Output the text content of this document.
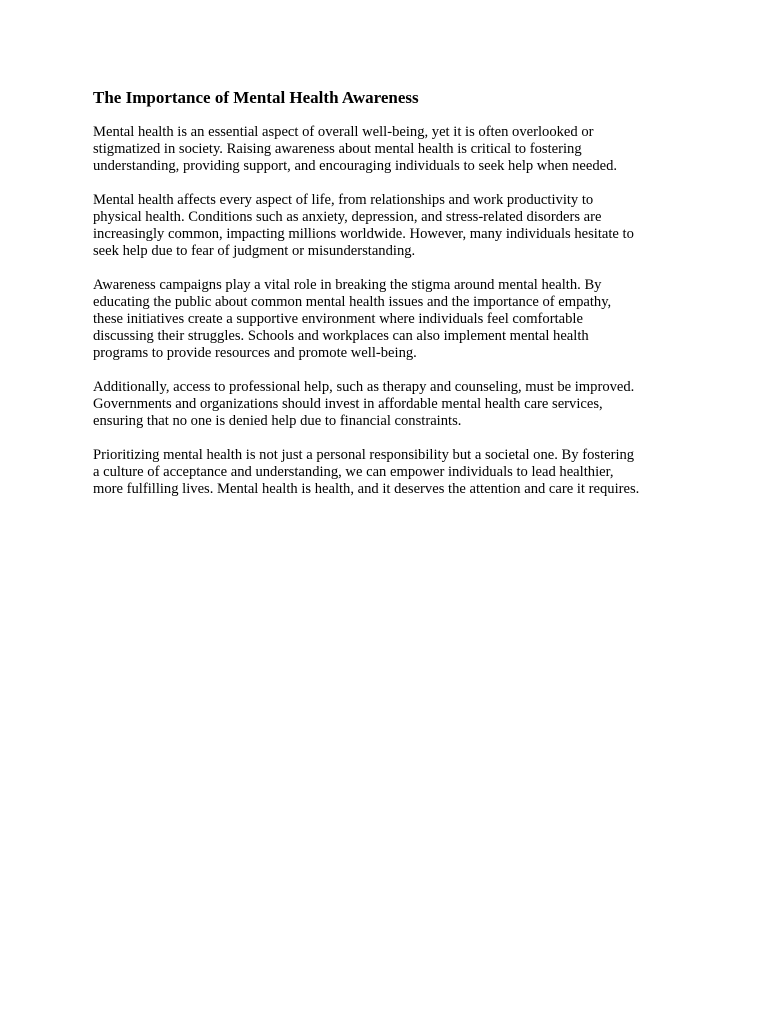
The Importance of Mental Health Awareness
Mental health is an essential aspect of overall well-being, yet it is often overlooked or
stigmatized in society. Raising awareness about mental health is critical to fostering
understanding, providing support, and encouraging individuals to seek help when needed.
Mental health affects every aspect of life, from relationships and work productivity to
physical health. Conditions such as anxiety, depression, and stress-related disorders are
increasingly common, impacting millions worldwide. However, many individuals hesitate to
seek help due to fear of judgment or misunderstanding.
Awareness campaigns play a vital role in breaking the stigma around mental health. By
educating the public about common mental health issues and the importance of empathy,
these initiatives create a supportive environment where individuals feel comfortable
discussing their struggles. Schools and workplaces can also implement mental health
programs to provide resources and promote well-being.
Additionally, access to professional help, such as therapy and counseling, must be improved.
Governments and organizations should invest in affordable mental health care services,
ensuring that no one is denied help due to financial constraints.
Prioritizing mental health is not just a personal responsibility but a societal one. By fostering
a culture of acceptance and understanding, we can empower individuals to lead healthier,
more fulfilling lives. Mental health is health, and it deserves the attention and care it requires.
